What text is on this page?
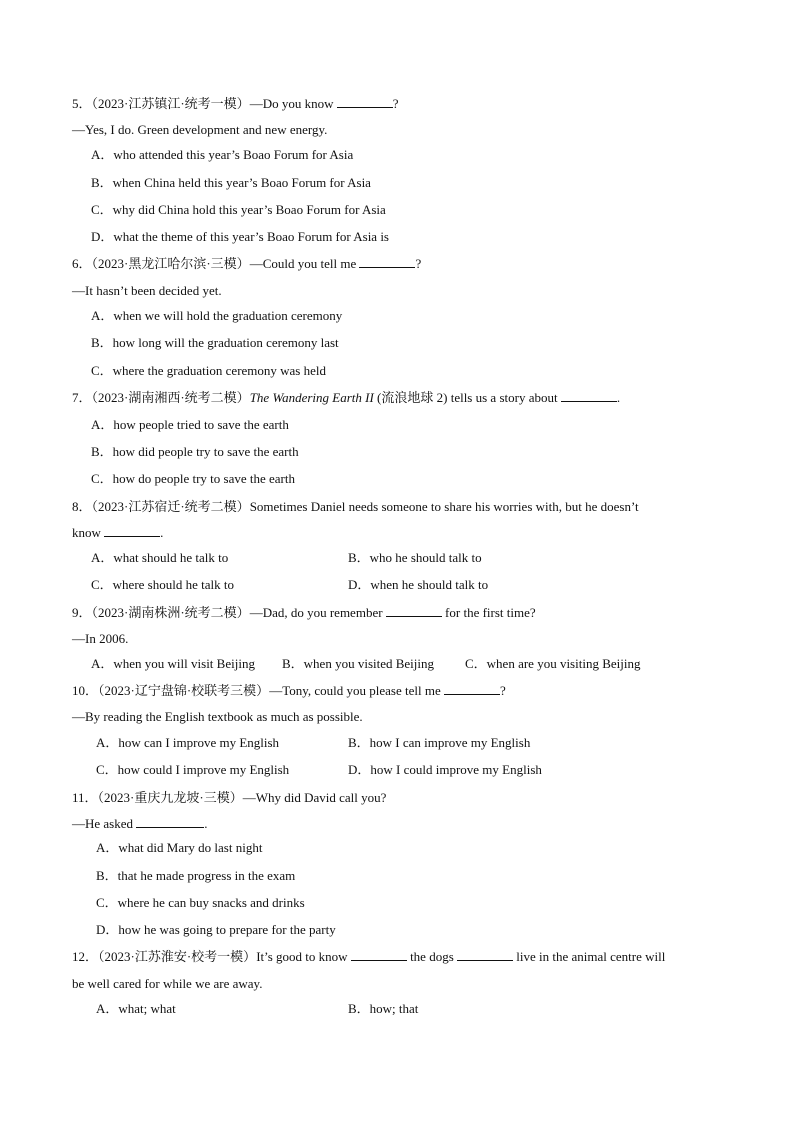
5．（2023·江苏镇江·统考一模）—Do you know	?
—Yes, I do. Green development and new energy.
A．who attended this year’s Boao Forum for Asia
B．when China held this year’s Boao Forum for Asia
C．why did China hold this year’s Boao Forum for Asia
D．what the theme of this year’s Boao Forum for Asia is
6．（2023·黑龙江哈尔滨·三模）—Could you tell me	?
—It hasn’t been decided yet.
A．when we will hold the graduation ceremony
B．how long will the graduation ceremony last
C．where the graduation ceremony was held
7．（2023·湖南湘西·统考二模）The Wandering Earth II (流浪地球 2) tells us a story about	.
A．how people tried to save the earth
B．how did people try to save the earth
C．how do people try to save the earth
8．（2023·江苏宿迁·统考二模）Sometimes Daniel needs someone to share his worries with, but he doesn’t
know	.
A．what should he talk to	B．who he should talk to
C．where should he talk to	D．when he should talk to
9．（2023·湖南株洲·统考二模）—Dad, do you remember	for the first time?
—In 2006.
A．when you will visit Beijing B．when you visited Beijing C．when are you visiting Beijing
10．（2023·辽宁盘锦·校联考三模）—Tony, could you please tell me	?
—By reading the English textbook as much as possible.
A．how can I improve my English	B．how I can improve my English
C．how could I improve my English	D．how I could improve my English
11．（2023·重庆九龙坡·三模）—Why did David call you?
—He asked	.
A．what did Mary do last night
B．that he made progress in the exam
C．where he can buy snacks and drinks
D．how he was going to prepare for the party
12．（2023·江苏淮安·校考一模）It’s good to know	the dogs	live in the animal centre will
be well cared for while we are away.
A．what; what	B．how; that
